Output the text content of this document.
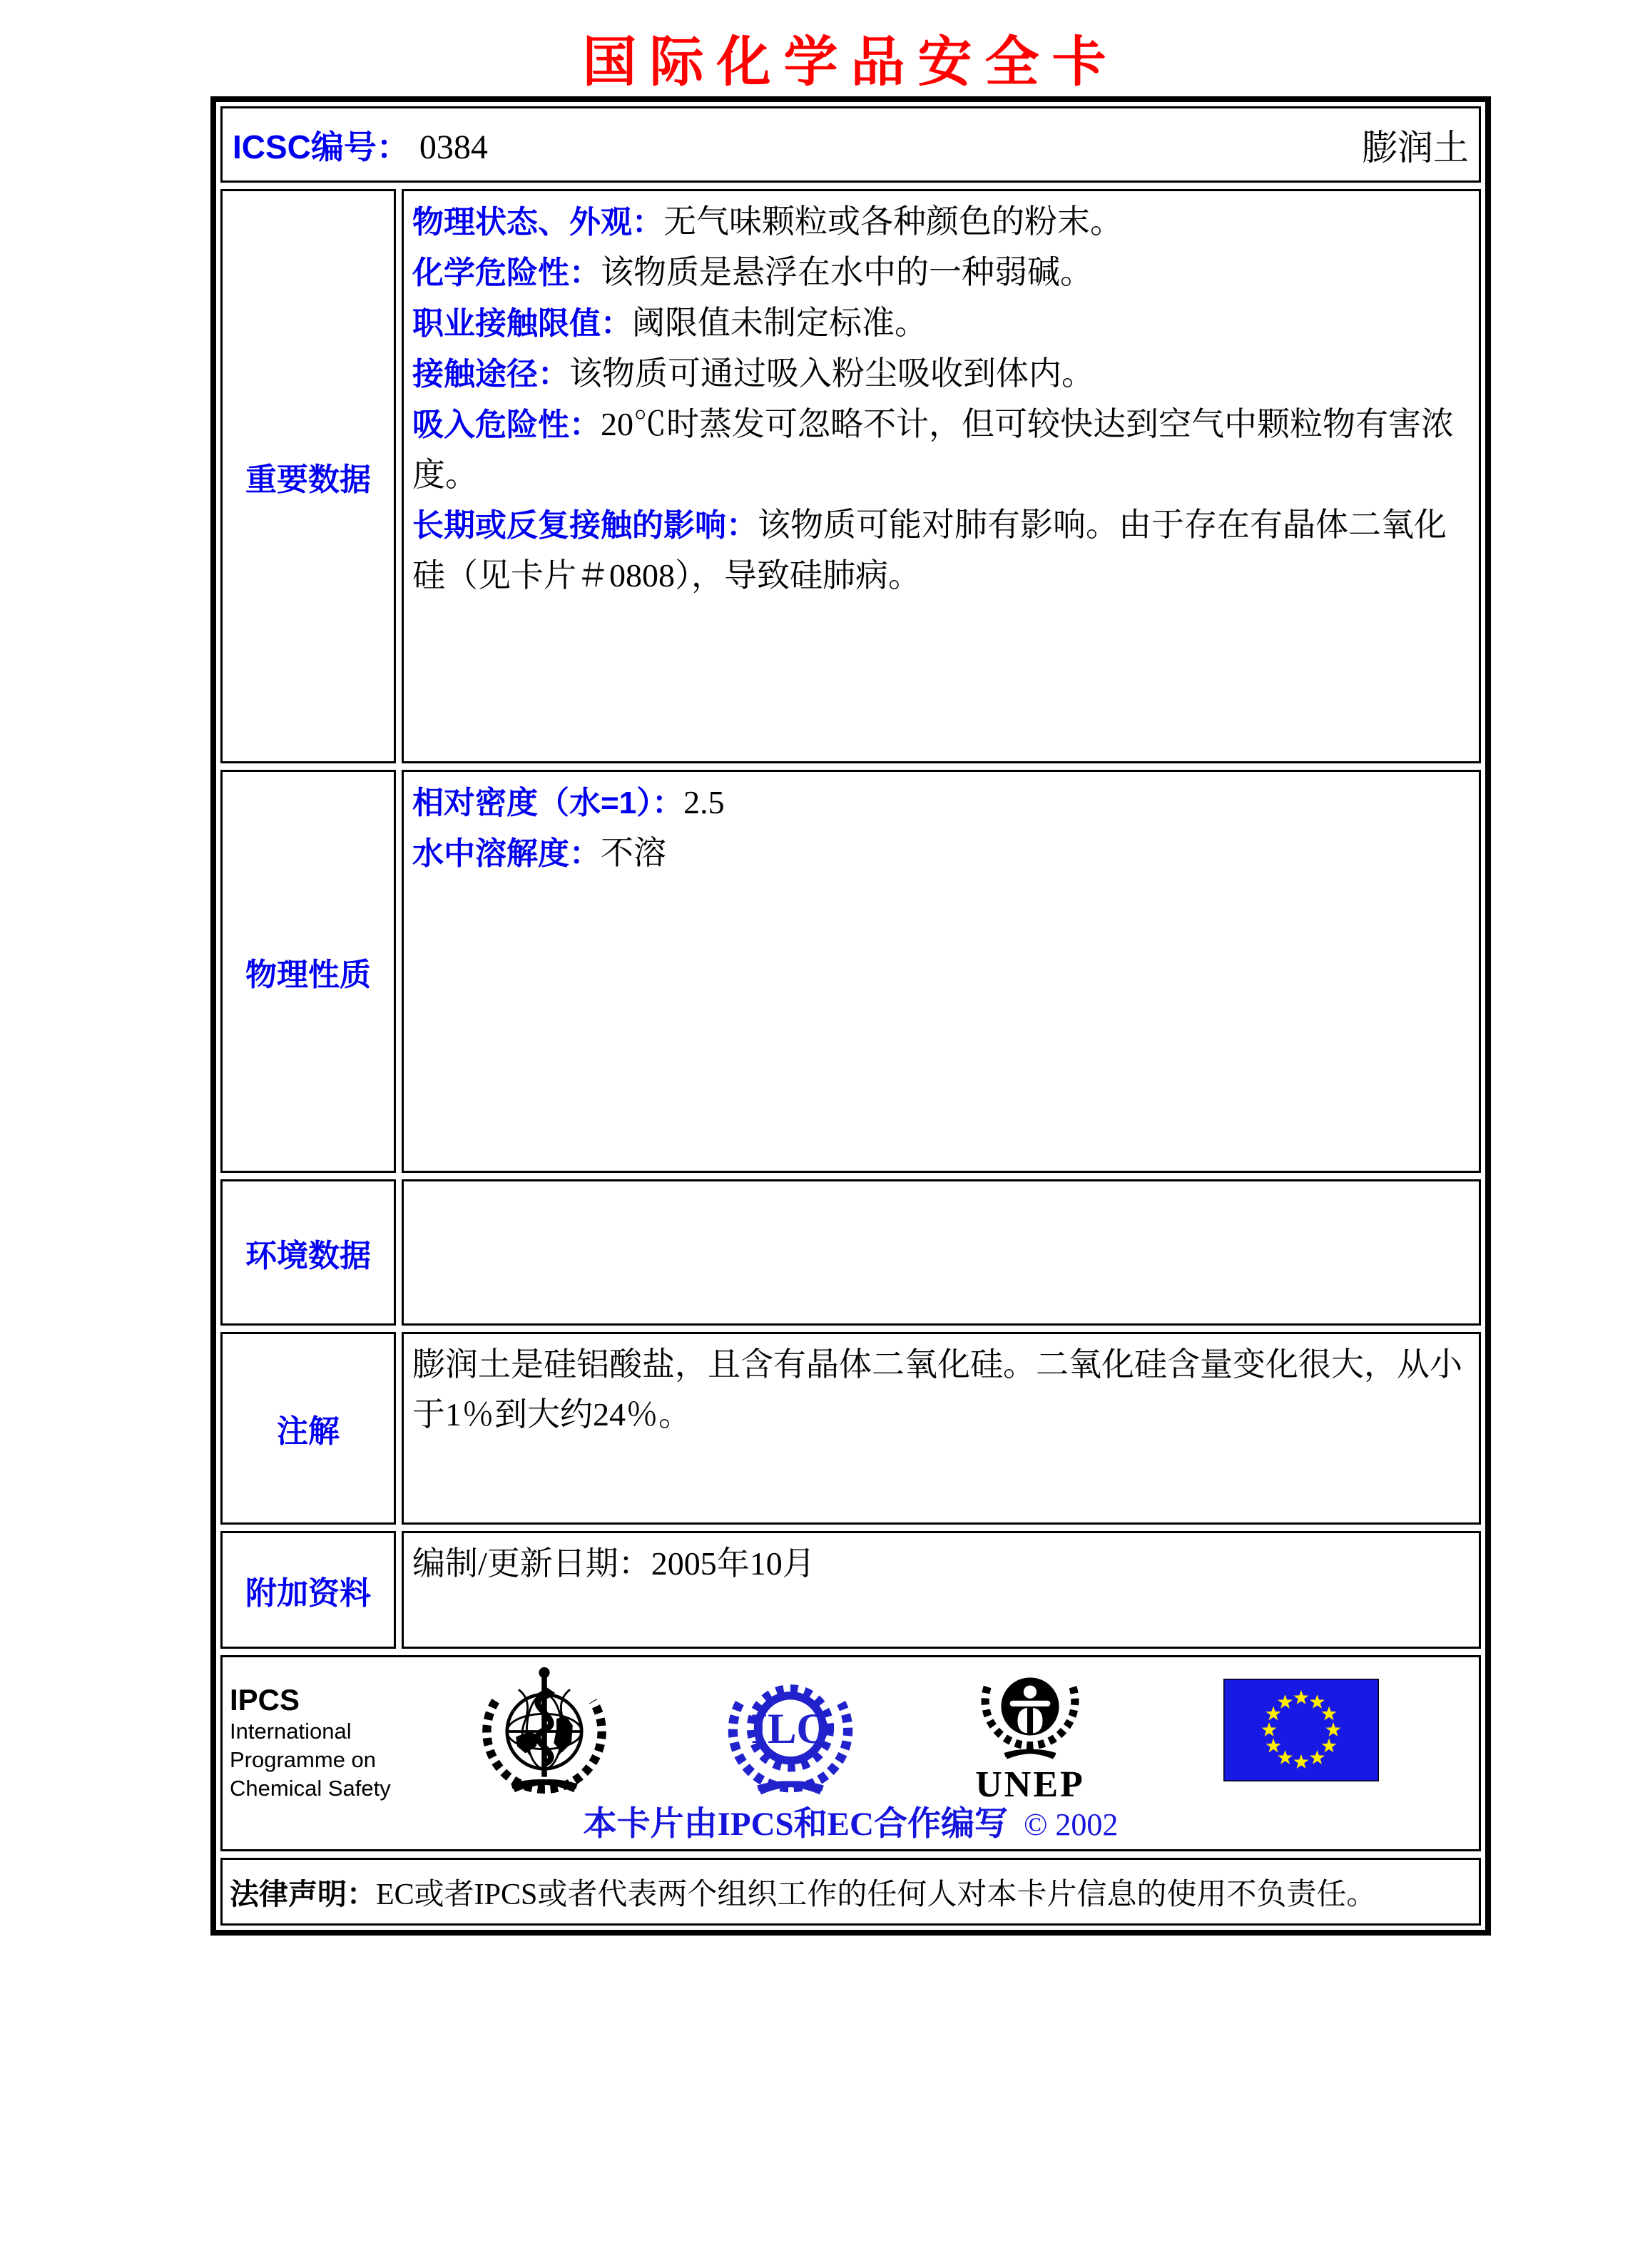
国际化学品安全卡
ICSC编号： 0384	膨润土
重要数据
物理状态、外观：无气味颗粒或各种颜色的粉末。
化学危险性：该物质是悬浮在水中的一种弱碱。
职业接触限值：阈限值未制定标准。
接触途径：该物质可通过吸入粉尘吸收到体内。
吸入危险性：20℃时蒸发可忽略不计，但可较快达到空气中颗粒物有害浓度。
长期或反复接触的影响：该物质可能对肺有影响。由于存在有晶体二氧化硅（见卡片＃0808），导致硅肺病。
物理性质
相对密度（水=1）：2.5
水中溶解度：不溶
环境数据
注解
膨润土是硅铝酸盐，且含有晶体二氧化硅。二氧化硅含量变化很大，从小于1％到大约24％。
附加资料
编制/更新日期：2005年10月
IPCS
International
Programme on
Chemical Safety
ILO
UNEP
本卡片由IPCS和EC合作编写 © 2002
法律声明： EC或者IPCS或者代表两个组织工作的任何人对本卡片信息的使用不负责任。
